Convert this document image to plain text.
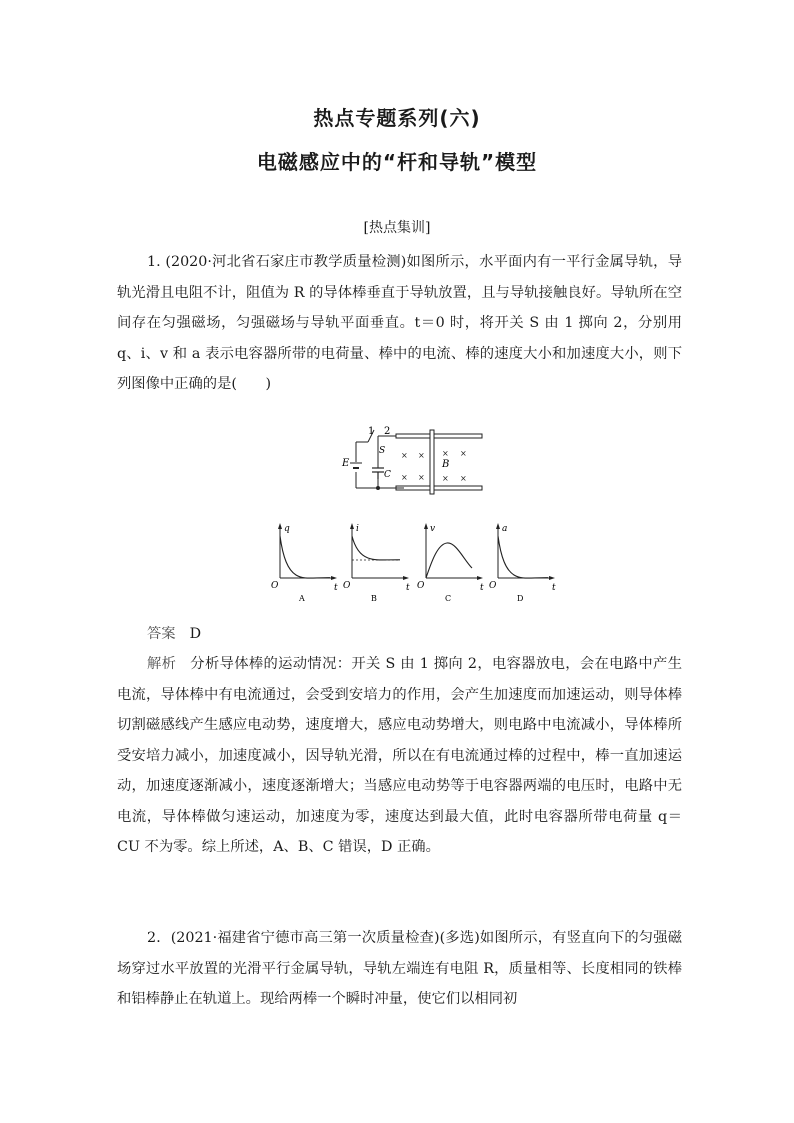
热点专题系列(六)
电磁感应中的“杆和导轨”模型
[热点集训]

1. (2020·河北省石家庄市教学质量检测)如图所示，水平面内有一平行金属导轨，导轨光滑且电阻不计，阻值为 R 的导体棒垂直于导轨放置，且与导轨接触良好。导轨所在空间存在匀强磁场，匀强磁场与导轨平面垂直。t＝0 时，将开关 S 由 1 掷向 2，分别用 q、i、v 和 a 表示电容器所带的电荷量、棒中的电流、棒的速度大小和加速度大小，则下列图像中正确的是(　　)

1 2
S
E
C
B
× × × ×
× × × ×
q
t
O
A
i
t
O
B
v
t
O
C
a
t
O
D
答案 D

解析 分析导体棒的运动情况：开关 S 由 1 掷向 2，电容器放电，会在电路中产生电流，导体棒中有电流通过，会受到安培力的作用，会产生加速度而加速运动，则导体棒切割磁感线产生感应电动势，速度增大，感应电动势增大，则电路中电流减小，导体棒所受安培力减小，加速度减小，因导轨光滑，所以在有电流通过棒的过程中，棒一直加速运动，加速度逐渐减小，速度逐渐增大；当感应电动势等于电容器两端的电压时，电路中无电流，导体棒做匀速运动，加速度为零，速度达到最大值，此时电容器所带电荷量 q＝CU 不为零。综上所述，A、B、C 错误，D 正确。

2．(2021·福建省宁德市高三第一次质量检查)(多选)如图所示，有竖直向下的匀强磁场穿过水平放置的光滑平行金属导轨，导轨左端连有电阻 R，质量相等、长度相同的铁棒和铝棒静止在轨道上。现给两棒一个瞬时冲量，使它们以相同初
